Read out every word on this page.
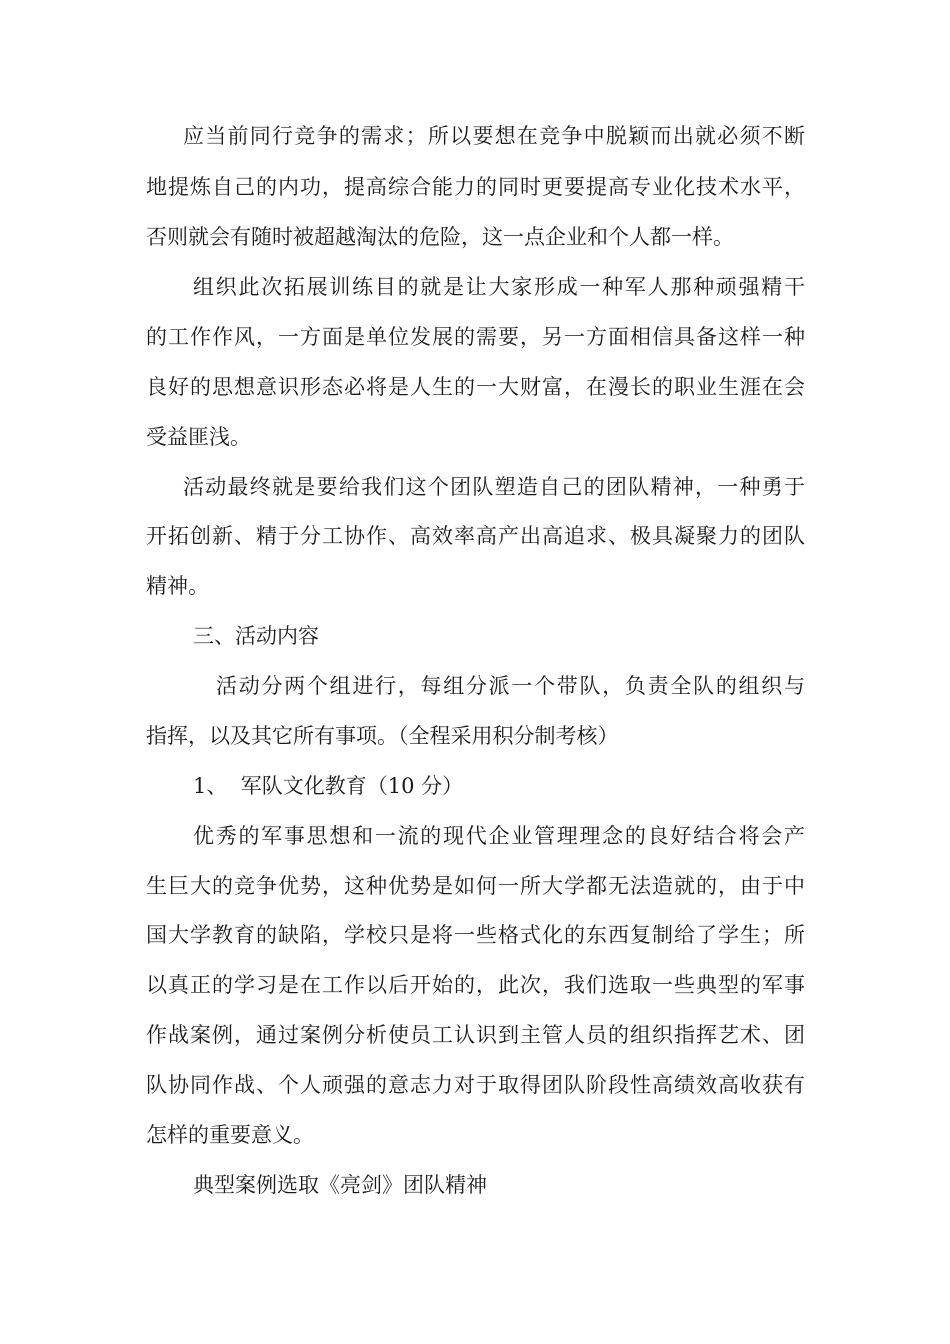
应当前同行竞争的需求；所以要想在竞争中脱颖而出就必须不断

地提炼自己的内功，提高综合能力的同时更要提高专业化技术水平，

否则就会有随时被超越淘汰的危险，这一点企业和个人都一样。

组织此次拓展训练目的就是让大家形成一种军人那种顽强精干

的工作作风，一方面是单位发展的需要，另一方面相信具备这样一种

良好的思想意识形态必将是人生的一大财富，在漫长的职业生涯在会

受益匪浅。

活动最终就是要给我们这个团队塑造自己的团队精神，一种勇于

开拓创新、精于分工协作、高效率高产出高追求、极具凝聚力的团队

精神。

三、活动内容

活动分两个组进行，每组分派一个带队，负责全队的组织与

指挥，以及其它所有事项。（全程采用积分制考核）

1、  军队文化教育（10 分）

优秀的军事思想和一流的现代企业管理理念的良好结合将会产

生巨大的竞争优势，这种优势是如何一所大学都无法造就的，由于中

国大学教育的缺陷，学校只是将一些格式化的东西复制给了学生；所

以真正的学习是在工作以后开始的，此次，我们选取一些典型的军事

作战案例，通过案例分析使员工认识到主管人员的组织指挥艺术、团

队协同作战、个人顽强的意志力对于取得团队阶段性高绩效高收获有

怎样的重要意义。

典型案例选取《亮剑》团队精神
